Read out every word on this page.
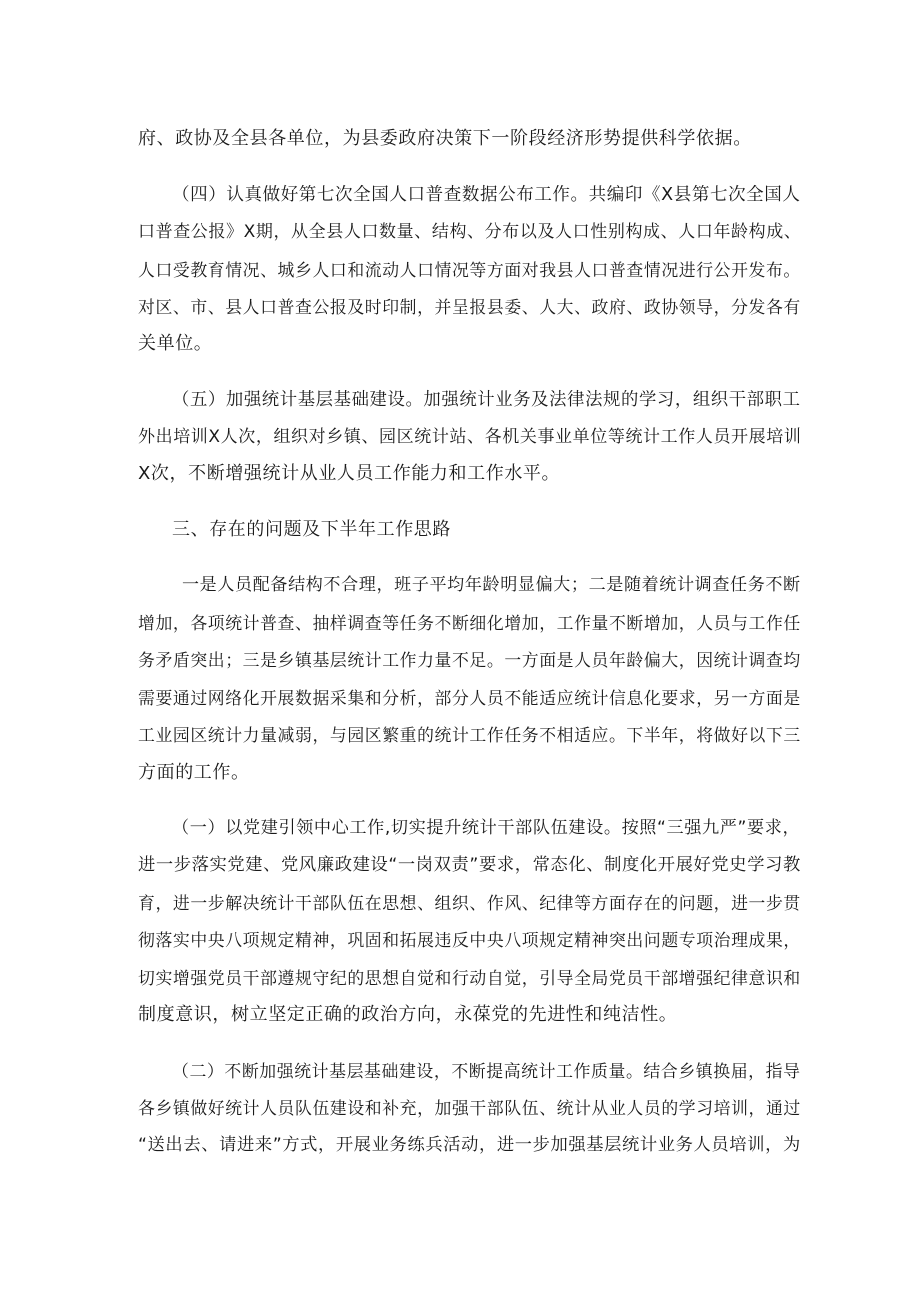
府、政协及全县各单位，为县委政府决策下一阶段经济形势提供科学依据。
（四）认真做好第七次全国人口普查数据公布工作。共编印《X县第七次全国人
口普查公报》X期，从全县人口数量、结构、分布以及人口性别构成、人口年龄构成、
人口受教育情况、城乡人口和流动人口情况等方面对我县人口普查情况进行公开发布。
对区、市、县人口普查公报及时印制，并呈报县委、人大、政府、政协领导，分发各有
关单位。
（五）加强统计基层基础建设。加强统计业务及法律法规的学习，组织干部职工
外出培训X人次，组织对乡镇、园区统计站、各机关事业单位等统计工作人员开展培训
X次，不断增强统计从业人员工作能力和工作水平。
三、存在的问题及下半年工作思路
一是人员配备结构不合理，班子平均年龄明显偏大；二是随着统计调查任务不断
增加，各项统计普查、抽样调查等任务不断细化增加，工作量不断增加，人员与工作任
务矛盾突出；三是乡镇基层统计工作力量不足。一方面是人员年龄偏大，因统计调查均
需要通过网络化开展数据采集和分析，部分人员不能适应统计信息化要求，另一方面是
工业园区统计力量减弱，与园区繁重的统计工作任务不相适应。下半年，将做好以下三
方面的工作。
（一）以党建引领中心工作,切实提升统计干部队伍建设。按照“三强九严”要求，
进一步落实党建、党风廉政建设“一岗双责”要求，常态化、制度化开展好党史学习教
育，进一步解决统计干部队伍在思想、组织、作风、纪律等方面存在的问题，进一步贯
彻落实中央八项规定精神，巩固和拓展违反中央八项规定精神突出问题专项治理成果，
切实增强党员干部遵规守纪的思想自觉和行动自觉，引导全局党员干部增强纪律意识和
制度意识，树立坚定正确的政治方向，永葆党的先进性和纯洁性。
（二）不断加强统计基层基础建设，不断提高统计工作质量。结合乡镇换届，指导
各乡镇做好统计人员队伍建设和补充，加强干部队伍、统计从业人员的学习培训，通过
“送出去、请进来”方式，开展业务练兵活动，进一步加强基层统计业务人员培训，为
